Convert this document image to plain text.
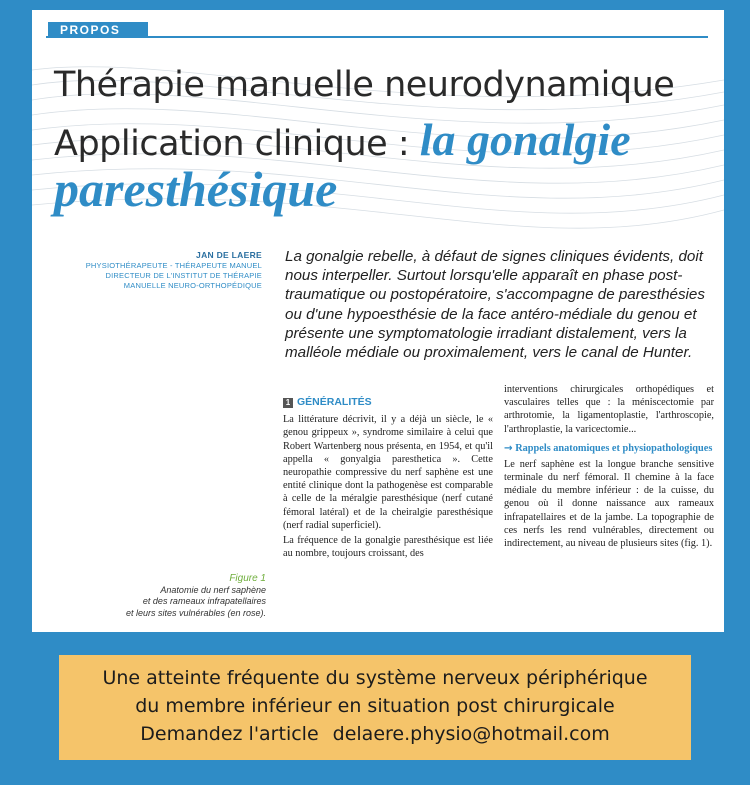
PROPOS
Thérapie manuelle neurodynamique
Application clinique : la gonalgie
paresthésique
JAN DE LAERE
PHYSIOTHÉRAPEUTE - THÉRAPEUTE MANUEL
DIRECTEUR DE L'INSTITUT DE THÉRAPIE
MANUELLE NEURO-ORTHOPÉDIQUE
La gonalgie rebelle, à défaut de signes cliniques évidents, doit nous interpeller. Surtout lorsqu'elle apparaît en phase post-traumatique ou postopératoire, s'accompagne de paresthésies ou d'une hypoesthésie de la face antéro-médiale du genou et présente une symptomatologie irradiant distalement, vers la malléole médiale ou proximalement, vers le canal de Hunter.
1 GÉNÉRALITÉS

La littérature décrivit, il y a déjà un siècle, le « genou grippeux », syndrome similaire à celui que Robert Wartenberg nous présenta, en 1954, et qu'il appella « gonyalgia paresthetica ». Cette neuropathie compressive du nerf saphène est une entité clinique dont la pathogenèse est comparable à celle de la méralgie paresthésique (nerf cutané fémoral latéral) et de la cheiralgie paresthésique (nerf radial superficiel).

La fréquence de la gonalgie paresthésique est liée au nombre, toujours croissant, des

interventions chirurgicales orthopédiques et vasculaires telles que : la méniscectomie par arthrotomie, la ligamentoplastie, l'arthroscopie, l'arthroplastie, la varicectomie...

→ Rappels anatomiques et physiopathologiques

Le nerf saphène est la longue branche sensitive terminale du nerf fémoral. Il chemine à la face médiale du membre inférieur : de la cuisse, du genou où il donne naissance aux rameaux infrapatellaires et de la jambe. La topographie de ces nerfs les rend vulnérables, directement ou indirectement, au niveau de plusieurs sites (fig. 1).

Figure 1
Anatomie du nerf saphène
et des rameaux infrapatellaires
et leurs sites vulnérables (en rose).
Une atteinte fréquente du système nerveux périphérique
du membre inférieur en situation post chirurgicale
Demandez l'article delaere.physio@hotmail.com
